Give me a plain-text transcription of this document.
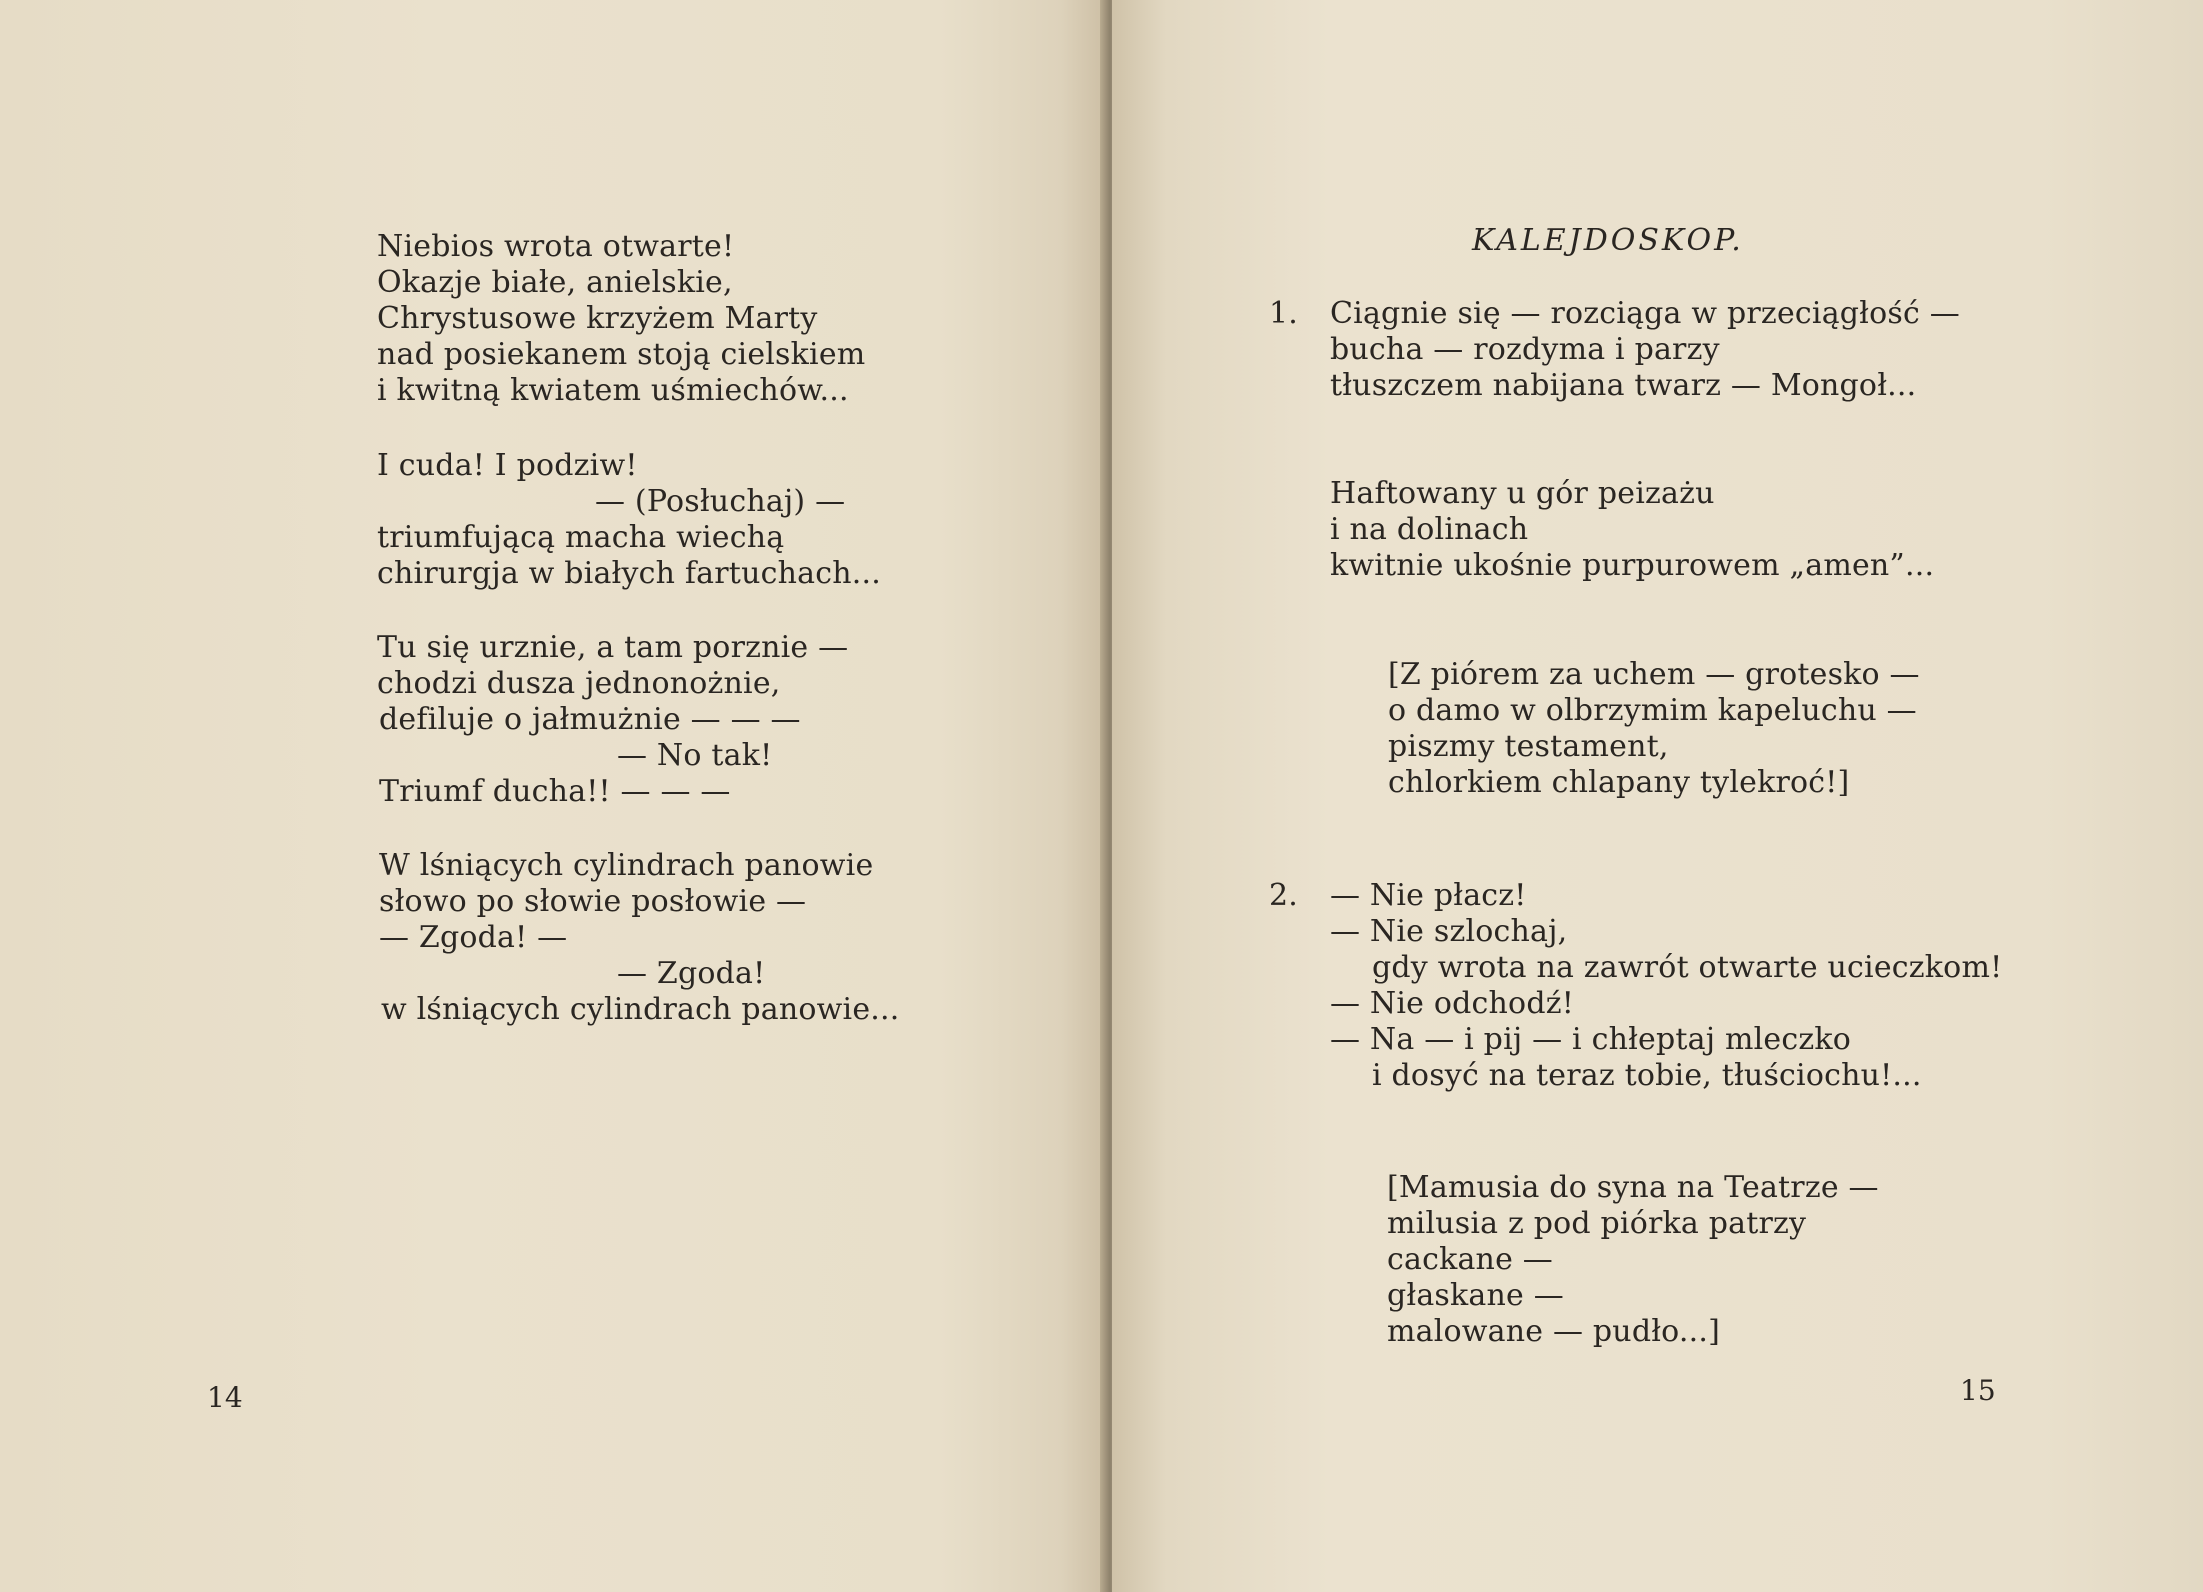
Niebios wrota otwarte!
Okazje białe, anielskie,
Chrystusowe krzyżem Marty
nad posiekanem stoją cielskiem
i kwitną kwiatem uśmiechów...
I cuda! I podziw!
— (Posłuchaj) —
triumfującą macha wiechą
chirurgja w białych fartuchach...
Tu się urznie, a tam porznie —
chodzi dusza jednonożnie,
defiluje o jałmużnie — — —
— No tak!
Triumf ducha!! — — —
W lśniących cylindrach panowie
słowo po słowie posłowie —
— Zgoda! —
— Zgoda!
w lśniących cylindrach panowie...
14
KALEJDOSKOP.
1. Ciągnie się — rozciąga w przeciągłość —
bucha — rozdyma i parzy
tłuszczem nabijana twarz — Mongoł...
Haftowany u gór peizażu
i na dolinach
kwitnie ukośnie purpurowem „amen”...
[Z piórem za uchem — grotesko —
o damo w olbrzymim kapeluchu —
piszmy testament,
chlorkiem chlapany tylekroć!]
2. — Nie płacz!
— Nie szlochaj,
gdy wrota na zawrót otwarte ucieczkom!
— Nie odchodź!
— Na — i pij — i chłeptaj mleczko
i dosyć na teraz tobie, tłuściochu!...
[Mamusia do syna na Teatrze —
milusia z pod piórka patrzy
cackane —
głaskane —
malowane — pudło...]
15
